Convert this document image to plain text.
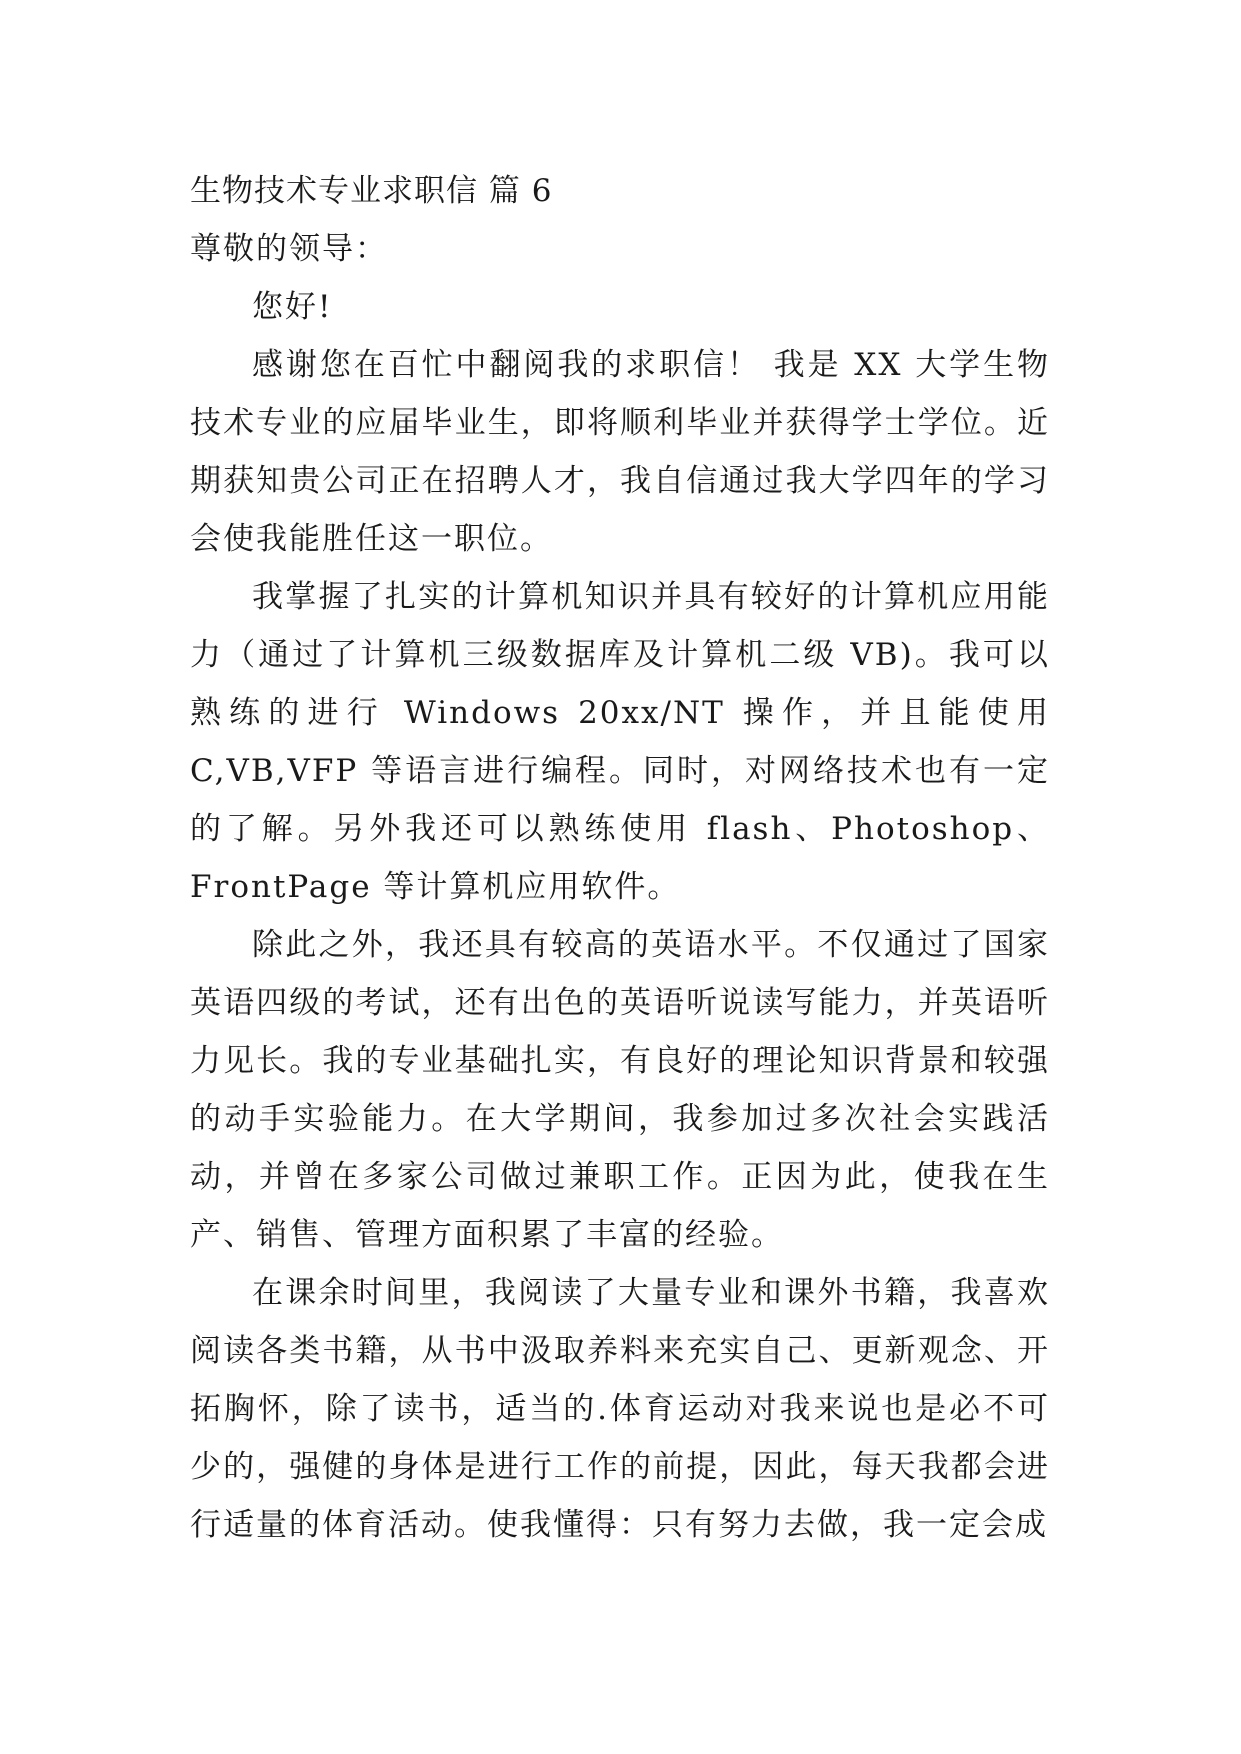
生物技术专业求职信 篇 6
尊敬的领导：
您好!

感谢您在百忙中翻阅我的求职信！ 我是 XX 大学生物技术专业的应届毕业生，即将顺利毕业并获得学士学位。近期获知贵公司正在招聘人才，我自信通过我大学四年的学习会使我能胜任这一职位。

我掌握了扎实的计算机知识并具有较好的计算机应用能力（通过了计算机三级数据库及计算机二级 VB)。我可以熟练的进行 Windows 20xx/NT 操作，并且能使用 C,VB,VFP 等语言进行编程。同时，对网络技术也有一定的了解。另外我还可以熟练使用 flash、Photoshop、FrontPage 等计算机应用软件。

除此之外，我还具有较高的英语水平。不仅通过了国家英语四级的考试，还有出色的英语听说读写能力，并英语听力见长。我的专业基础扎实，有良好的理论知识背景和较强的动手实验能力。在大学期间，我参加过多次社会实践活动，并曾在多家公司做过兼职工作。正因为此，使我在生产、销售、管理方面积累了丰富的经验。

在课余时间里，我阅读了大量专业和课外书籍，我喜欢阅读各类书籍，从书中汲取养料来充实自己、更新观念、开拓胸怀，除了读书，适当的.体育运动对我来说也是必不可少的，强健的身体是进行工作的前提，因此，每天我都会进行适量的体育活动。使我懂得：只有努力去做，我一定会成
